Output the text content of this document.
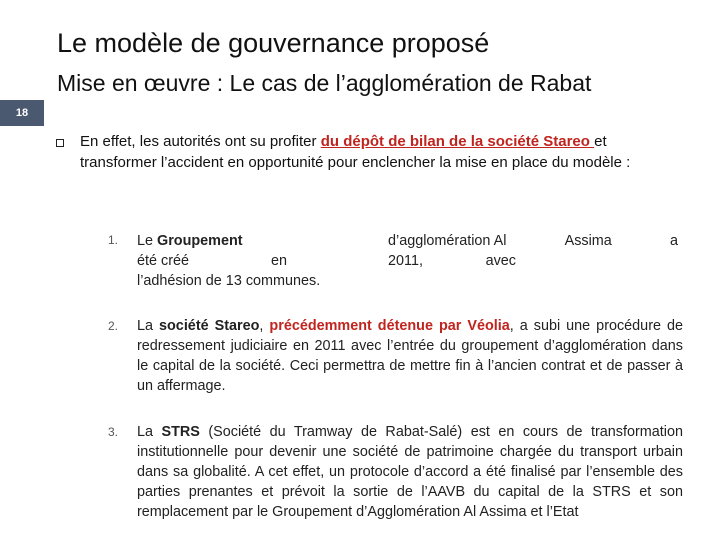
18
Le modèle de gouvernance proposé
Mise en œuvre : Le cas de l’agglomération de Rabat
En effet, les autorités ont su profiter du dépôt de bilan de la société Stareo et transformer l’accident en opportunité pour enclencher la mise en place du modèle :
1. Le Groupement
été créé	en
l’adhésion de 13 communes.
d’agglomération Al	Assima	a
2011,	avec
2. La société Stareo, précédemment détenue par Véolia, a subi une procédure de redressement judiciaire en 2011 avec l’entrée du groupement d’agglomération dans le capital de la société. Ceci permettra de mettre fin à l’ancien contrat et de passer à un affermage.
3. La STRS (Société du Tramway de Rabat-Salé) est en cours de transformation institutionnelle pour devenir une société de patrimoine chargée du transport urbain dans sa globalité. A cet effet, un protocole d’accord a été finalisé par l’ensemble des parties prenantes et prévoit la sortie de l’AAVB du capital de la STRS et son remplacement par le Groupement d’Agglomération Al Assima et l’Etat
